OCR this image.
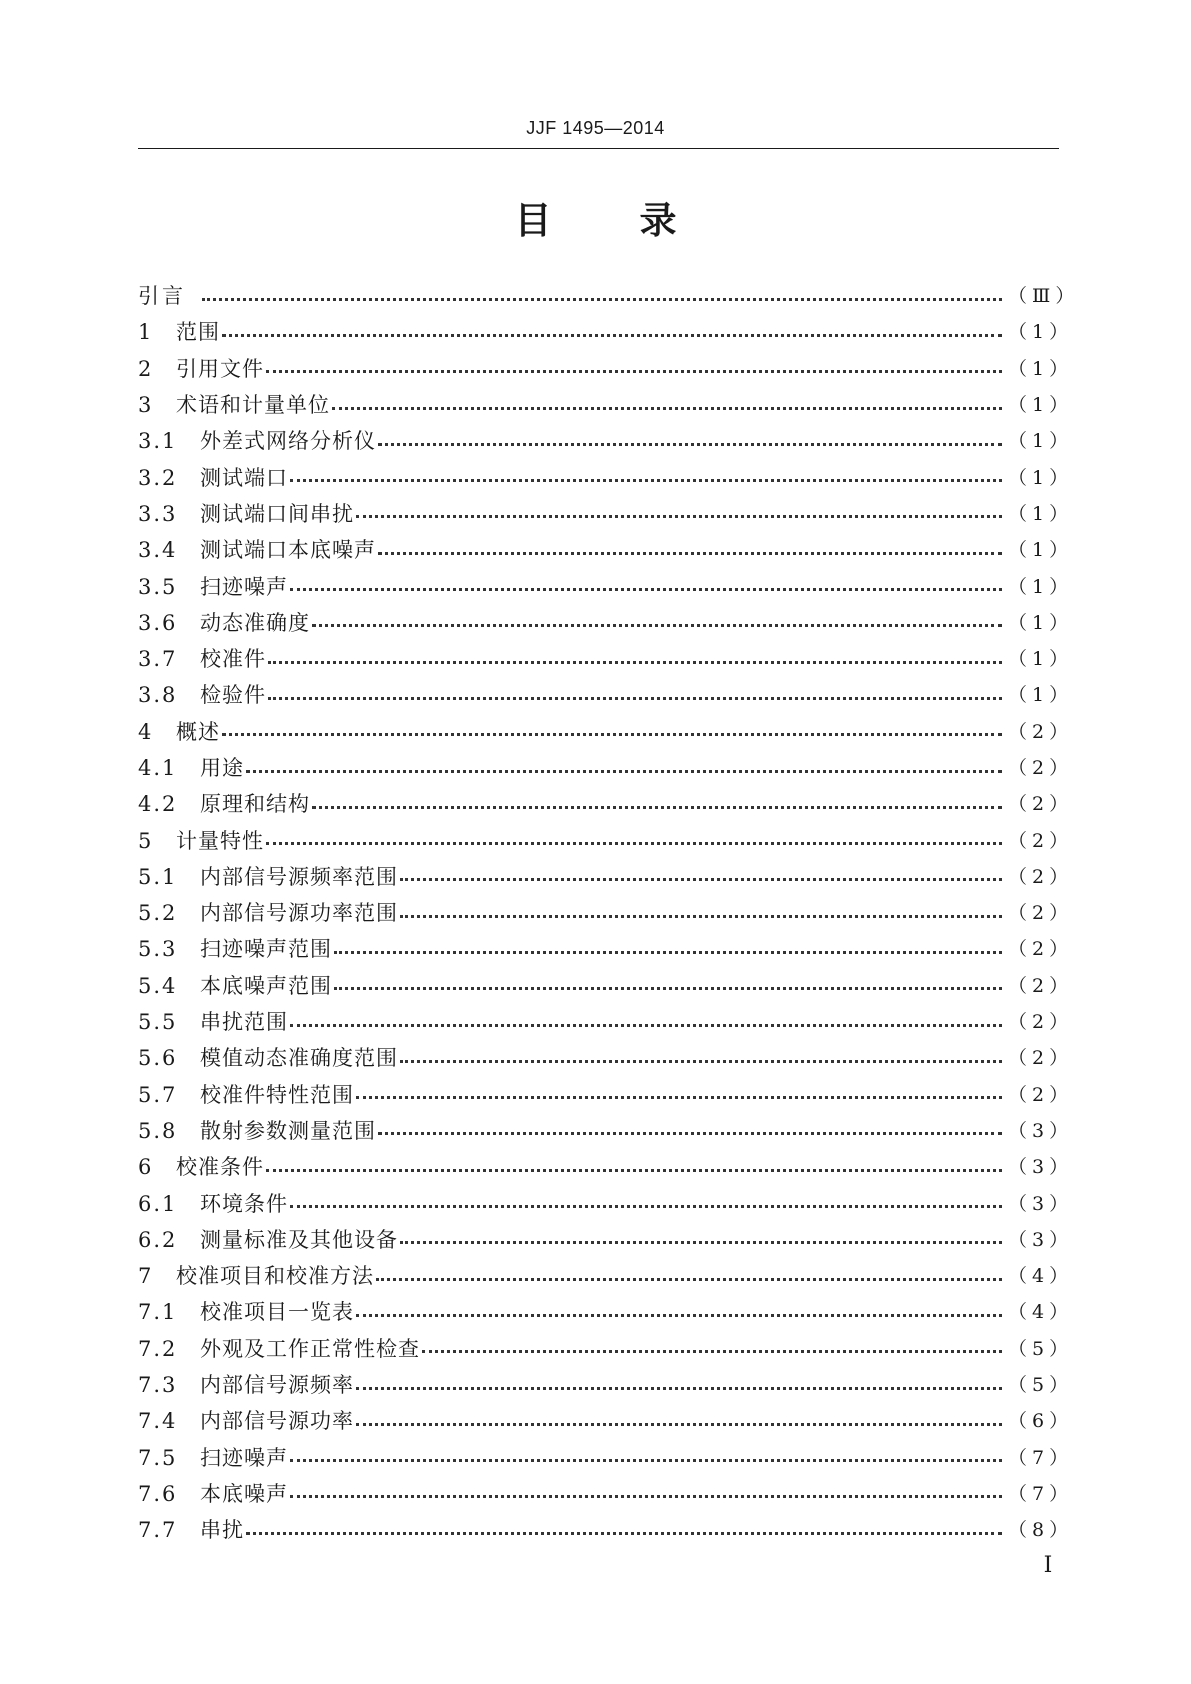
JJF 1495—2014
目 录
引言	（Ⅲ）
1	范围	（1）
2	引用文件	（1）
3	术语和计量单位	（1）
3.1	外差式网络分析仪	（1）
3.2	测试端口	（1）
3.3	测试端口间串扰	（1）
3.4	测试端口本底噪声	（1）
3.5	扫迹噪声	（1）
3.6	动态准确度	（1）
3.7	校准件	（1）
3.8	检验件	（1）
4	概述	（2）
4.1	用途	（2）
4.2	原理和结构	（2）
5	计量特性	（2）
5.1	内部信号源频率范围	（2）
5.2	内部信号源功率范围	（2）
5.3	扫迹噪声范围	（2）
5.4	本底噪声范围	（2）
5.5	串扰范围	（2）
5.6	模值动态准确度范围	（2）
5.7	校准件特性范围	（2）
5.8	散射参数测量范围	（3）
6	校准条件	（3）
6.1	环境条件	（3）
6.2	测量标准及其他设备	（3）
7	校准项目和校准方法	（4）
7.1	校准项目一览表	（4）
7.2	外观及工作正常性检查	（5）
7.3	内部信号源频率	（5）
7.4	内部信号源功率	（6）
7.5	扫迹噪声	（7）
7.6	本底噪声	（7）
7.7	串扰	（8）
Ⅰ
